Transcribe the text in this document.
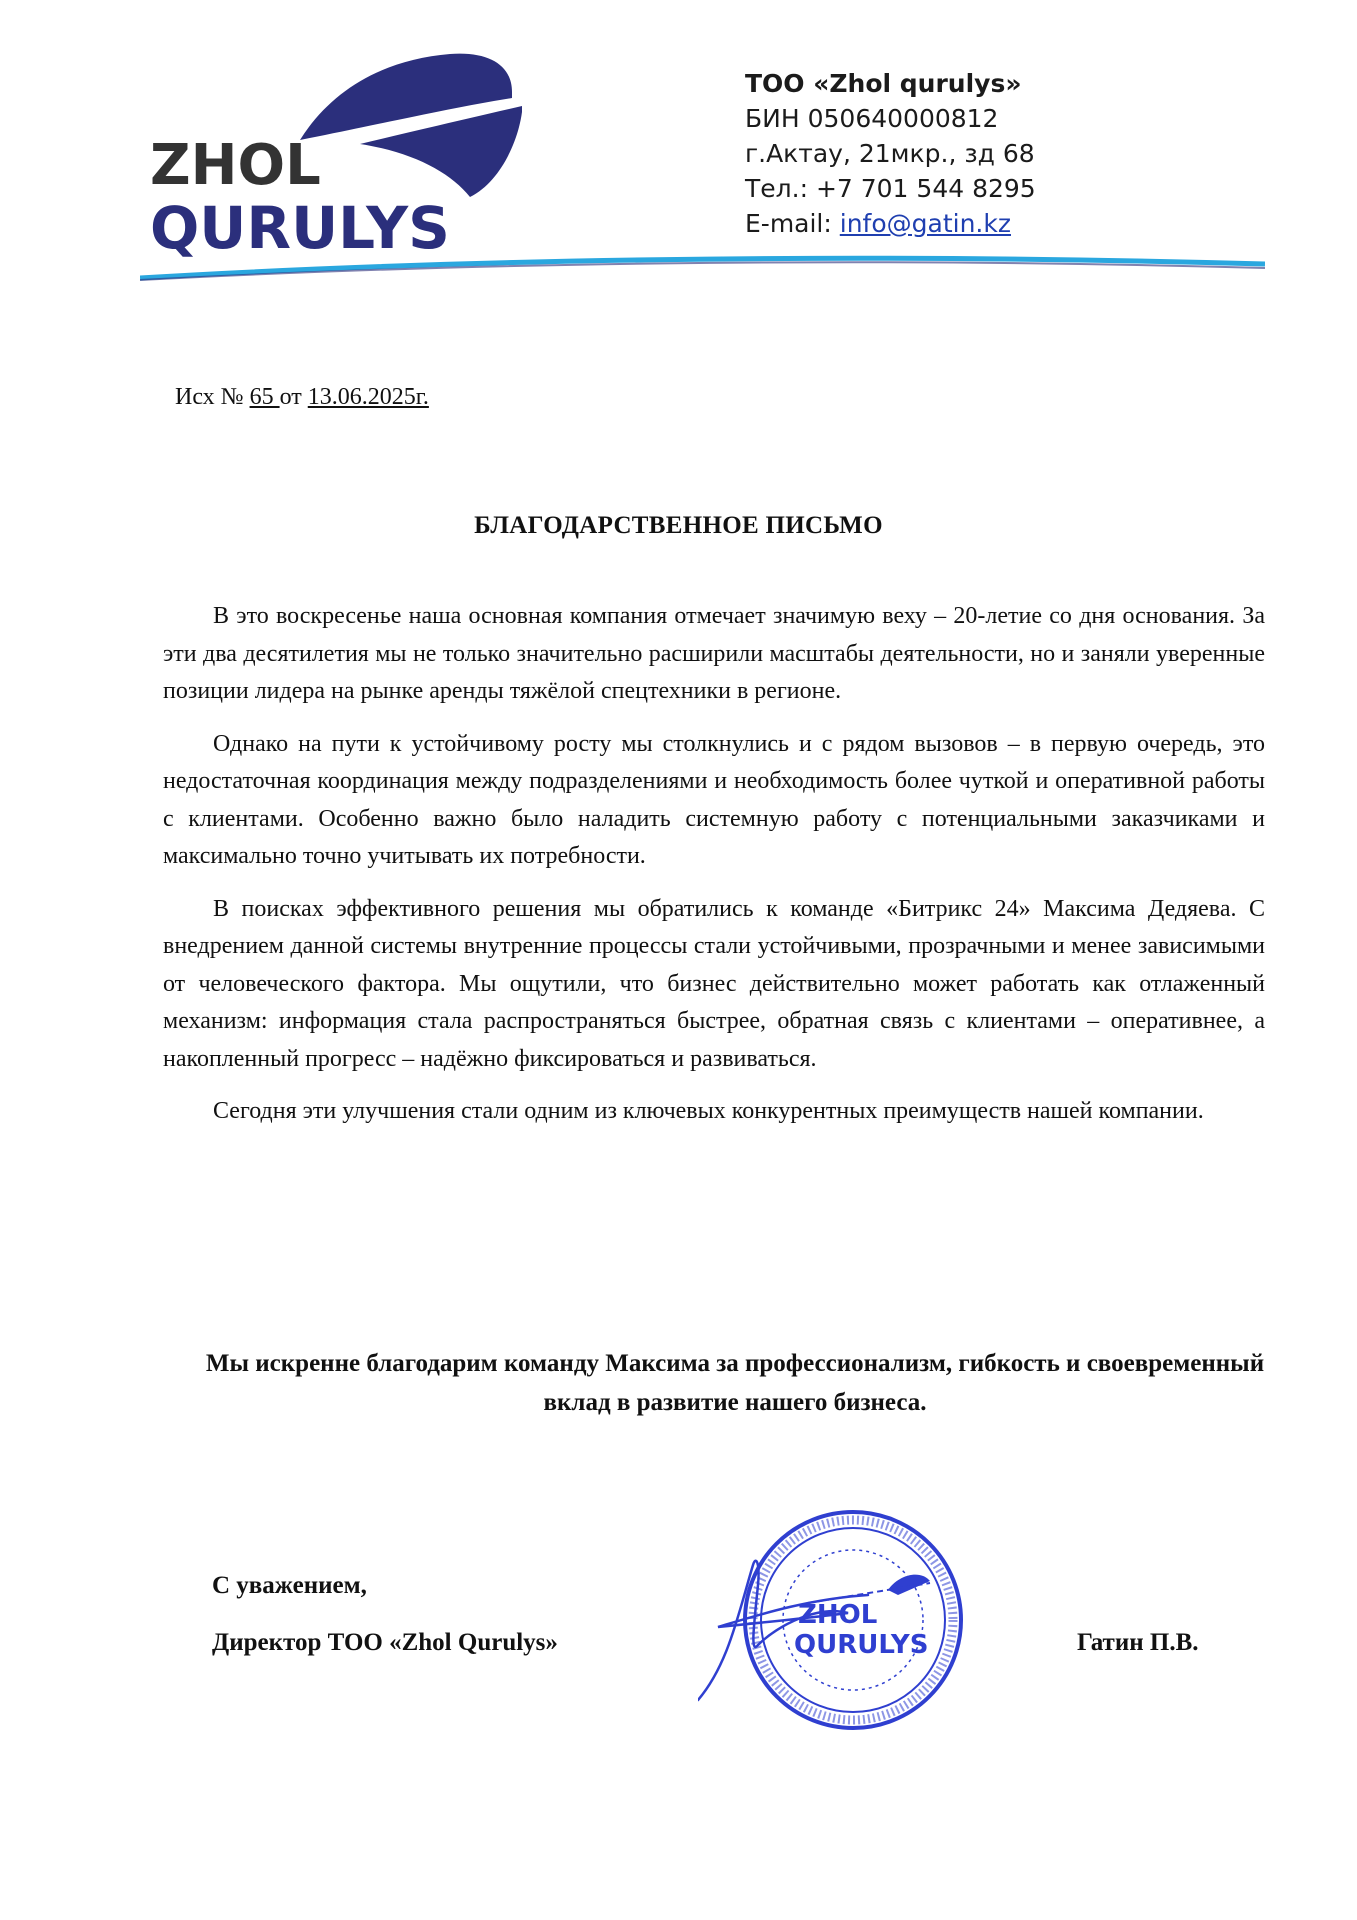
ZHOL
QURULYS
ТОО «Zhol qurulys»
БИН 050640000812
г.Актау, 21мкр., зд 68
Тел.: +7 701 544 8295
E-mail: info@gatin.kz
Исх № 65 от 13.06.2025г.
БЛАГОДАРСТВЕННОЕ ПИСЬМО

В это воскресенье наша основная компания отмечает значимую веху – 20-летие со дня основания. За эти два десятилетия мы не только значительно расширили масштабы деятельности, но и заняли уверенные позиции лидера на рынке аренды тяжёлой спецтехники в регионе.

Однако на пути к устойчивому росту мы столкнулись и с рядом вызовов – в первую очередь, это недостаточная координация между подразделениями и необходимость более чуткой и оперативной работы с клиентами. Особенно важно было наладить системную работу с потенциальными заказчиками и максимально точно учитывать их потребности.

В поисках эффективного решения мы обратились к команде «Битрикс 24» Максима Дедяева. С внедрением данной системы внутренние процессы стали устойчивыми, прозрачными и менее зависимыми от человеческого фактора. Мы ощутили, что бизнес действительно может работать как отлаженный механизм: информация стала распространяться быстрее, обратная связь с клиентами – оперативнее, а накопленный прогресс – надёжно фиксироваться и развиваться.

Сегодня эти улучшения стали одним из ключевых конкурентных преимуществ нашей компании.

Мы искренне благодарим команду Максима за профессионализм, гибкость и своевременный вклад в развитие нашего бизнеса.
С уважением,
Директор ТОО «Zhol Qurulys»	Гатин П.В.
ZHOL
QURULYS
